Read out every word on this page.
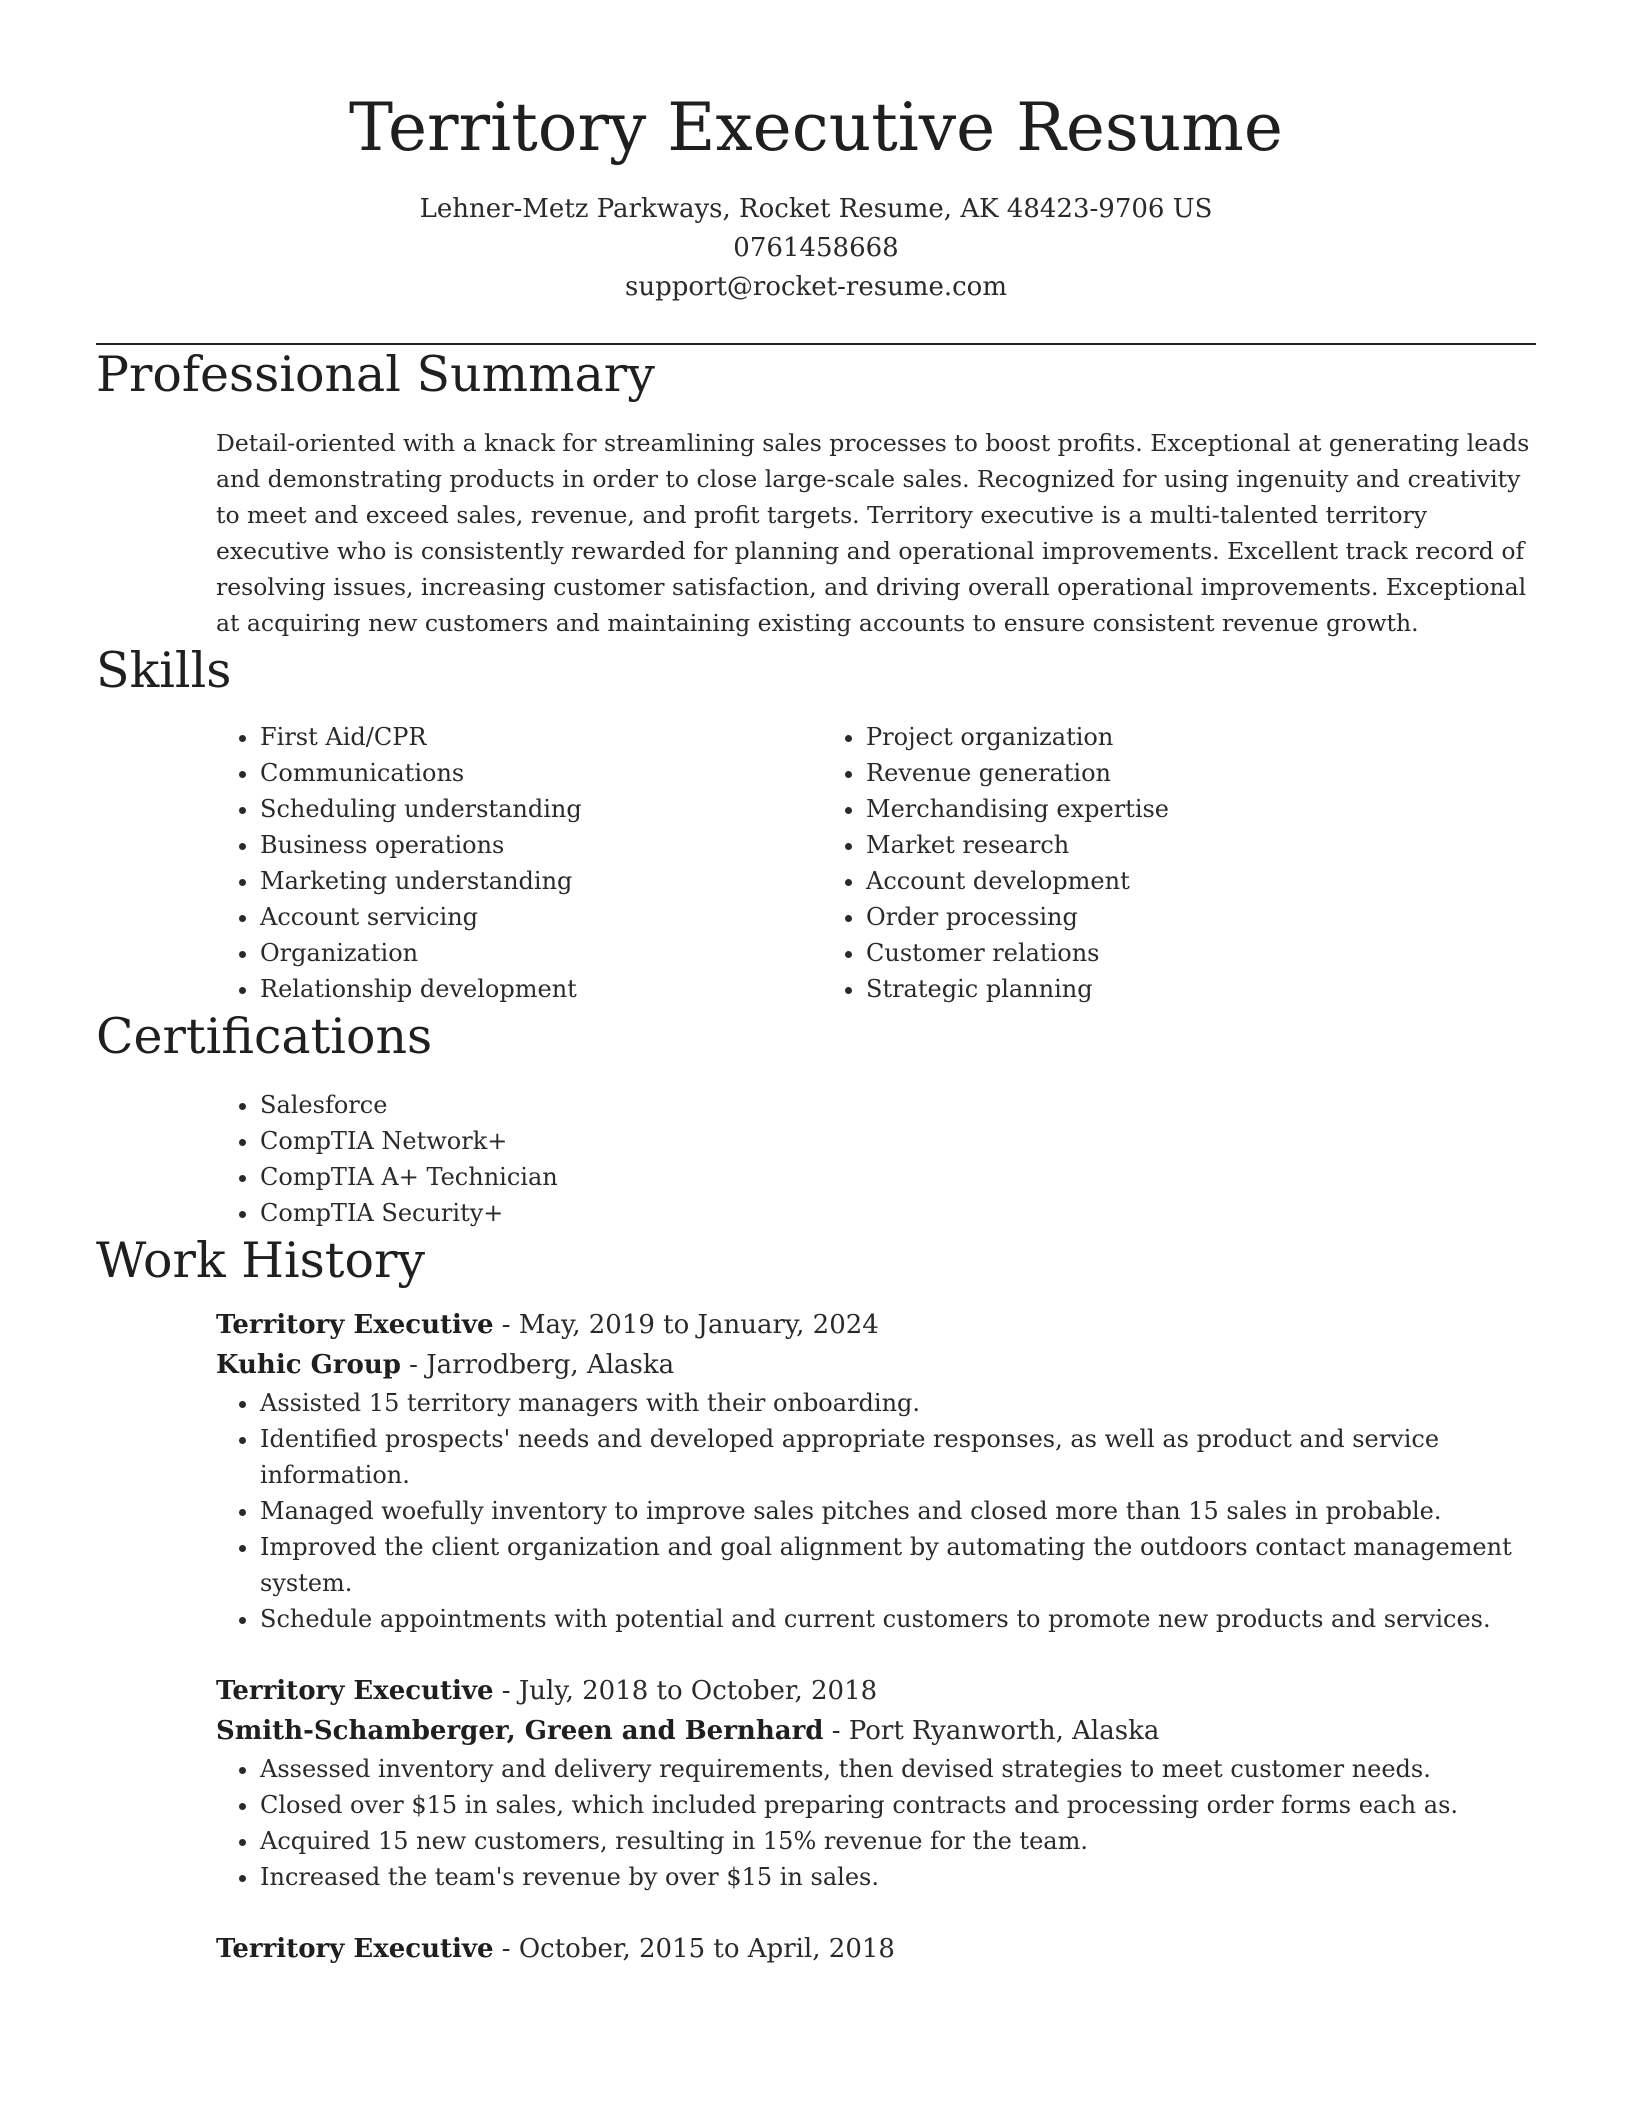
Territory Executive Resume
Lehner-Metz Parkways, Rocket Resume, AK 48423-9706 US
0761458668
support@rocket-resume.com
Professional Summary
Detail-oriented with a knack for streamlining sales processes to boost profits. Exceptional at generating leads and demonstrating products in order to close large-scale sales. Recognized for using ingenuity and creativity to meet and exceed sales, revenue, and profit targets. Territory executive is a multi-talented territory executive who is consistently rewarded for planning and operational improvements. Excellent track record of resolving issues, increasing customer satisfaction, and driving overall operational improvements. Exceptional at acquiring new customers and maintaining existing accounts to ensure consistent revenue growth.
Skills
• First Aid/CPR
• Communications
• Scheduling understanding
• Business operations
• Marketing understanding
• Account servicing
• Organization
• Relationship development
• Project organization
• Revenue generation
• Merchandising expertise
• Market research
• Account development
• Order processing
• Customer relations
• Strategic planning
Certifications
• Salesforce
• CompTIA Network+
• CompTIA A+ Technician
• CompTIA Security+
Work History
Territory Executive - May, 2019 to January, 2024
Kuhic Group - Jarrodberg, Alaska
• Assisted 15 territory managers with their onboarding.
• Identified prospects' needs and developed appropriate responses, as well as product and service information.
• Managed woefully inventory to improve sales pitches and closed more than 15 sales in probable.
• Improved the client organization and goal alignment by automating the outdoors contact management system.
• Schedule appointments with potential and current customers to promote new products and services.
Territory Executive - July, 2018 to October, 2018
Smith-Schamberger, Green and Bernhard - Port Ryanworth, Alaska
• Assessed inventory and delivery requirements, then devised strategies to meet customer needs.
• Closed over $15 in sales, which included preparing contracts and processing order forms each as.
• Acquired 15 new customers, resulting in 15% revenue for the team.
• Increased the team's revenue by over $15 in sales.
Territory Executive - October, 2015 to April, 2018
